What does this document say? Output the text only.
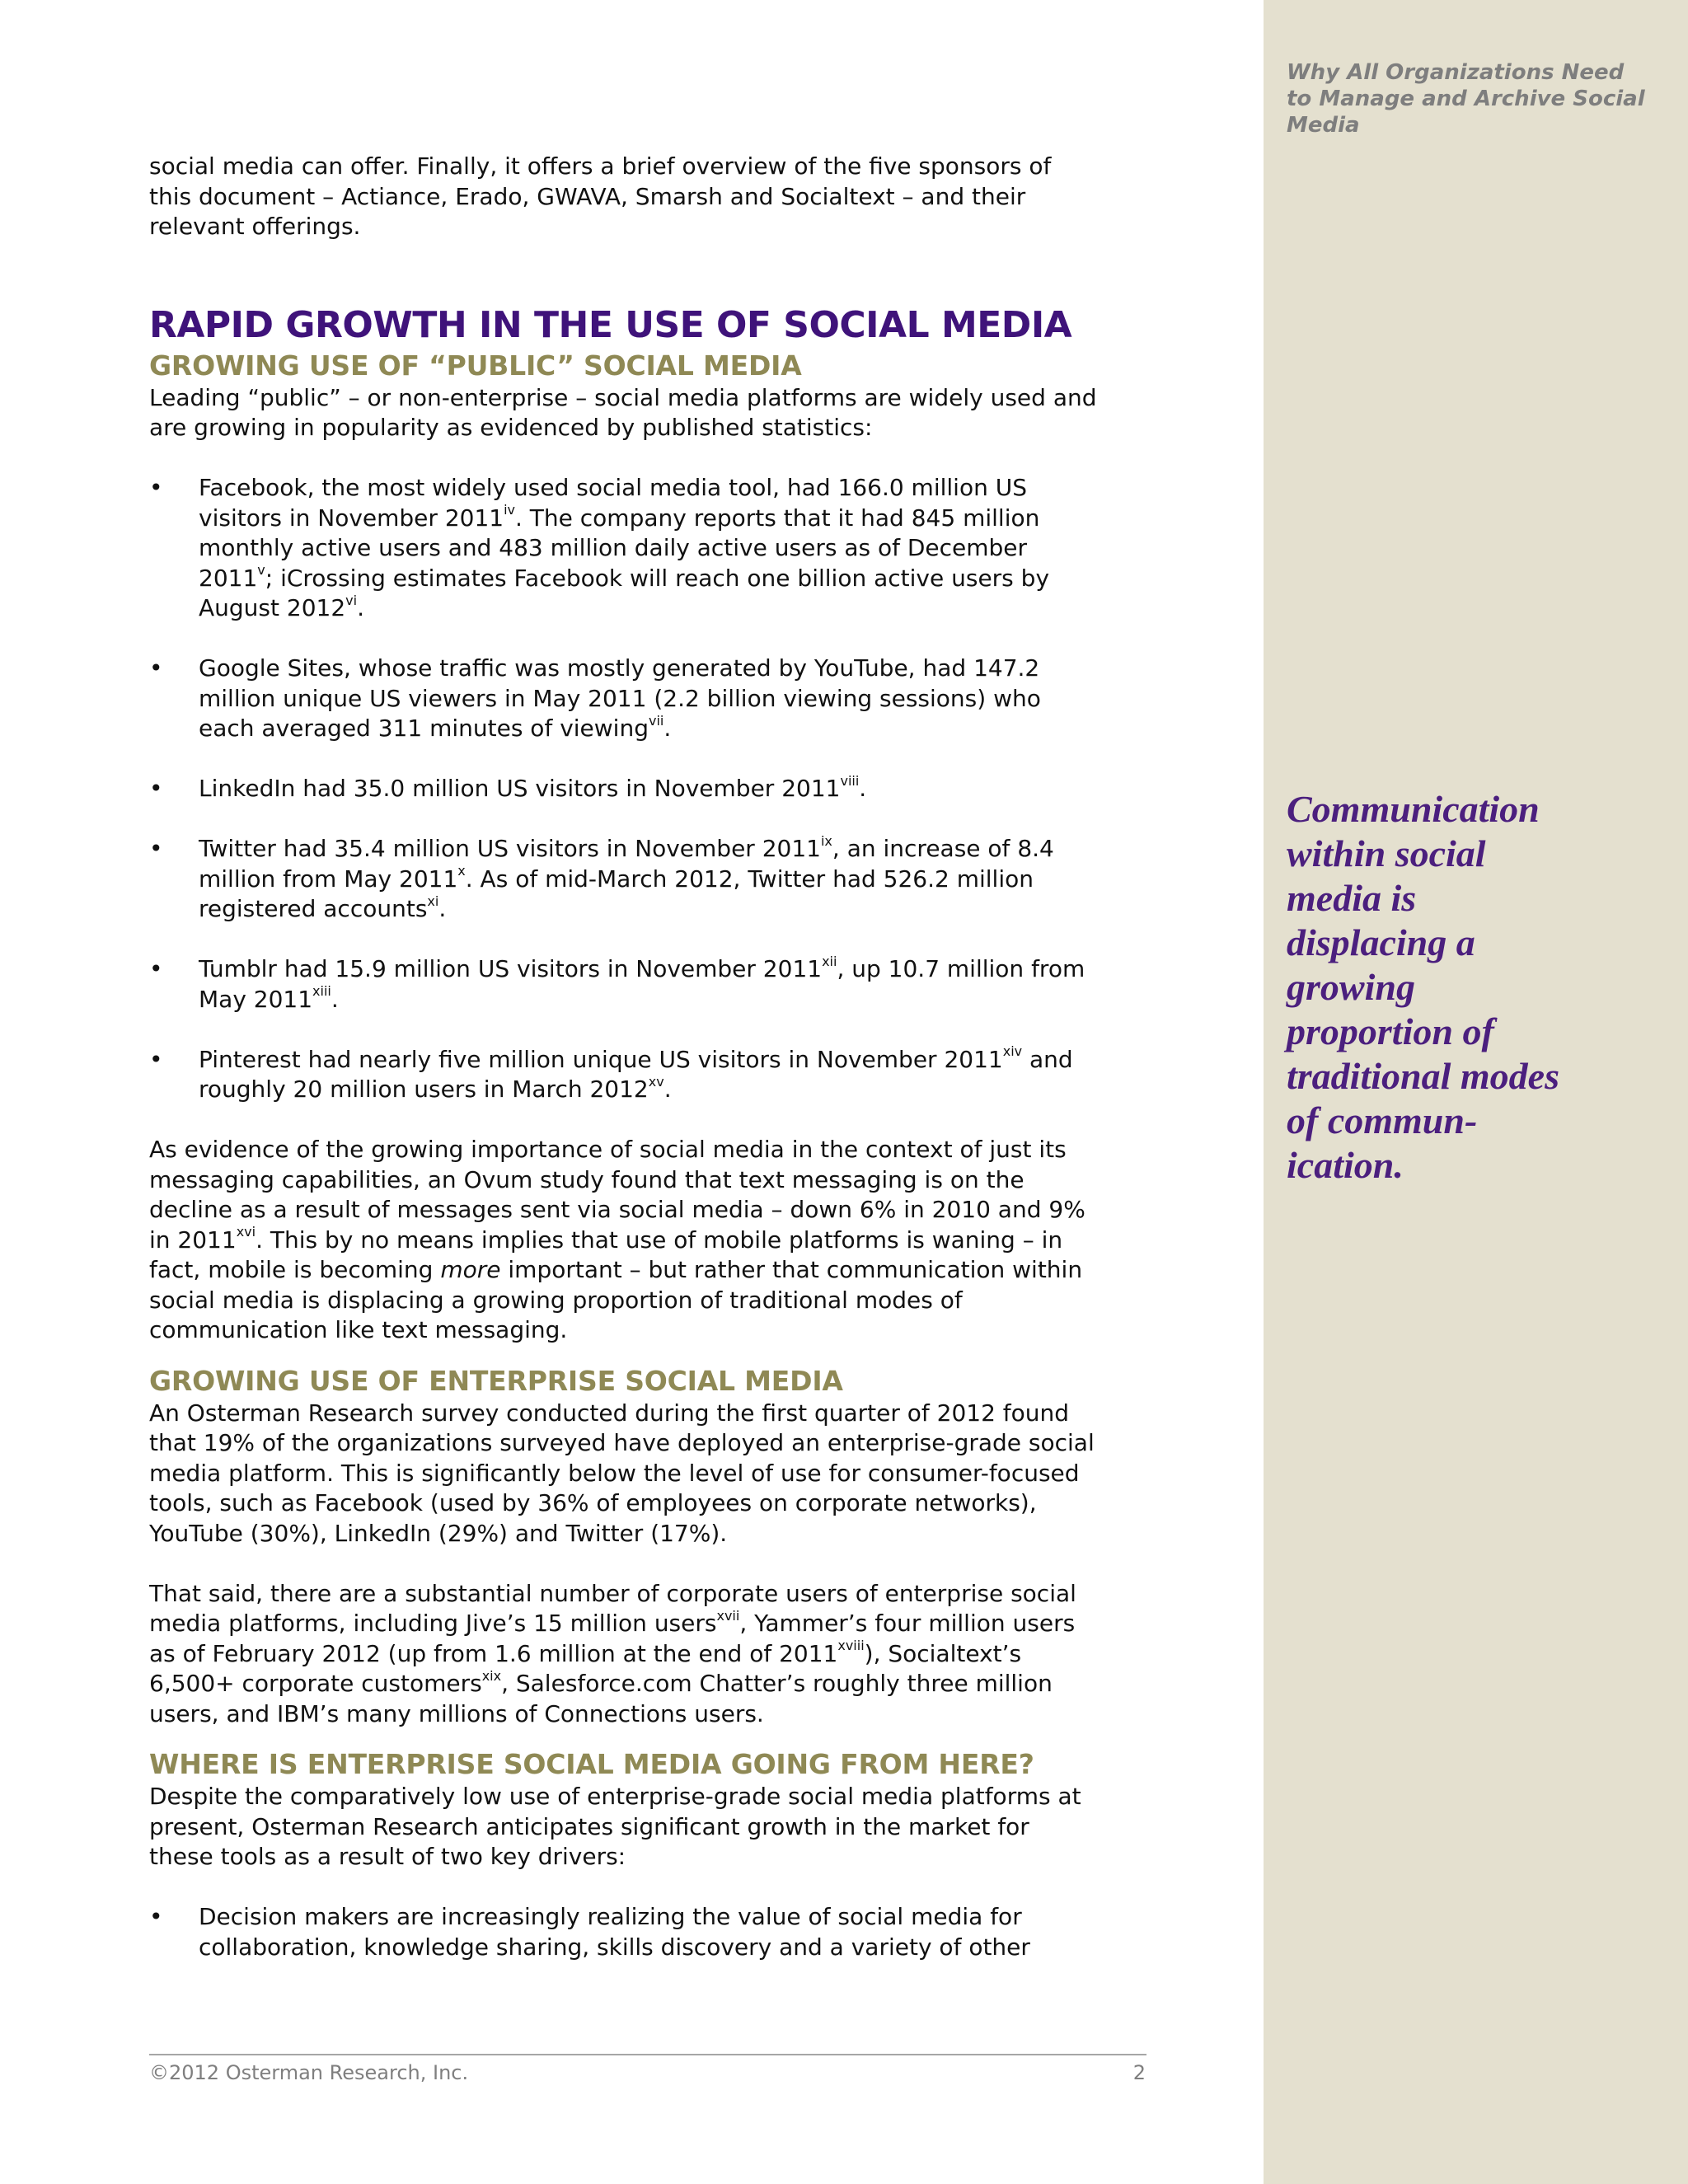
Why All Organizations Need to Manage and Archive Social Media
Communication within social media is displacing a growing proportion of traditional modes of commun-ication.

social media can offer. Finally, it offers a brief overview of the five sponsors of this document – Actiance, Erado, GWAVA, Smarsh and Socialtext – and their relevant offerings.

RAPID GROWTH IN THE USE OF SOCIAL MEDIA
GROWING USE OF “PUBLIC” SOCIAL MEDIA

Leading “public” – or non-enterprise – social media platforms are widely used and are growing in popularity as evidenced by published statistics:

• Facebook, the most widely used social media tool, had 166.0 million US visitors in November 2011$^{iv}$. The company reports that it had 845 million monthly active users and 483 million daily active users as of December 2011$^v$; iCrossing estimates Facebook will reach one billion active users by August 2012$^{vi}$.
• Google Sites, whose traffic was mostly generated by YouTube, had 147.2 million unique US viewers in May 2011 (2.2 billion viewing sessions) who each averaged 311 minutes of viewing$^{vii}$.
• LinkedIn had 35.0 million US visitors in November 2011$^{viii}$.
• Twitter had 35.4 million US visitors in November 2011$^{ix}$, an increase of 8.4 million from May 2011$^x$. As of mid-March 2012, Twitter had 526.2 million registered accounts$^{xi}$.
• Tumblr had 15.9 million US visitors in November 2011$^{xii}$, up 10.7 million from May 2011$^{xiii}$.
• Pinterest had nearly five million unique US visitors in November 2011$^{xiv}$ and roughly 20 million users in March 2012$^{xv}$.

As evidence of the growing importance of social media in the context of just its messaging capabilities, an Ovum study found that text messaging is on the decline as a result of messages sent via social media – down 6% in 2010 and 9% in 2011$^{xvi}$. This by no means implies that use of mobile platforms is waning – in fact, mobile is becoming more important – but rather that communication within social media is displacing a growing proportion of traditional modes of communication like text messaging.

GROWING USE OF ENTERPRISE SOCIAL MEDIA

An Osterman Research survey conducted during the first quarter of 2012 found that 19% of the organizations surveyed have deployed an enterprise-grade social media platform. This is significantly below the level of use for consumer-focused tools, such as Facebook (used by 36% of employees on corporate networks), YouTube (30%), LinkedIn (29%) and Twitter (17%).

That said, there are a substantial number of corporate users of enterprise social media platforms, including Jive’s 15 million users$^{xvii}$, Yammer’s four million users as of February 2012 (up from 1.6 million at the end of $2011^{xviii}$), Socialtext’s 6,500+ corporate customers$^{xix}$, Salesforce.com Chatter’s roughly three million users, and IBM’s many millions of Connections users.

WHERE IS ENTERPRISE SOCIAL MEDIA GOING FROM HERE?

Despite the comparatively low use of enterprise-grade social media platforms at present, Osterman Research anticipates significant growth in the market for these tools as a result of two key drivers:

• Decision makers are increasingly realizing the value of social media for collaboration, knowledge sharing, skills discovery and a variety of other
©2012 Osterman Research, Inc.	2
